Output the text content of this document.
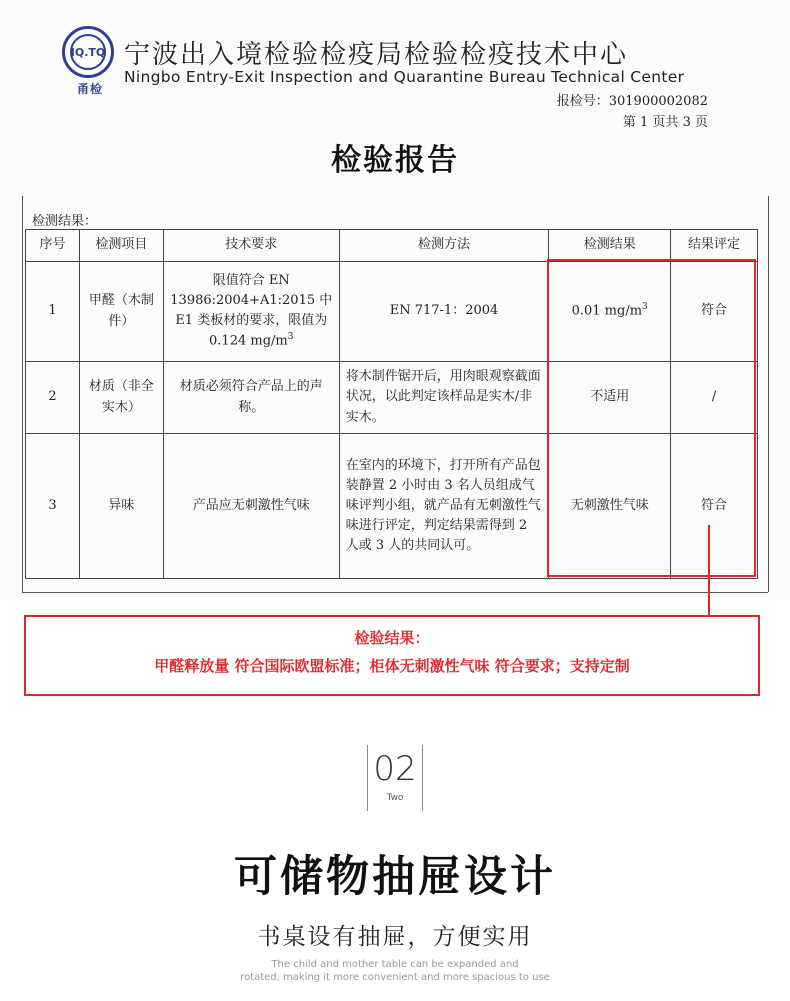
IQ.TQ
甬检
宁波出入境检验检疫局检验检疫技术中心
Ningbo Entry-Exit Inspection and Quarantine Bureau Technical Center
报检号：301900002082
第 1 页共 3 页
检验报告
检测结果：
序号	检测项目	技术要求	检测方法	检测结果	结果评定
1	甲醛（木制件）	限值符合 EN 13986:2004+A1:2015 中 E1 类板材的要求，限值为 0.124 $mg/m^3$	EN 717-1：2004	0.01 $mg/m^3$	符合
2	材质（非全实木）	材质必须符合产品上的声称。	将木制件锯开后，用肉眼观察截面状况，以此判定该样品是实木/非实木。	不适用	/
3	异味	产品应无刺激性气味	在室内的环境下，打开所有产品包装静置 2 小时由 3 名人员组成气味评判小组，就产品有无刺激性气味进行评定，判定结果需得到 2 人或 3 人的共同认可。	无刺激性气味	符合
检验结果：
甲醛释放量 符合国际欧盟标准；柜体无刺激性气味 符合要求；支持定制
02
Two
可储物抽屉设计
书桌设有抽屉，方便实用
The child and mother table can be expanded and
rotated, making it more convenient and more spacious to use
